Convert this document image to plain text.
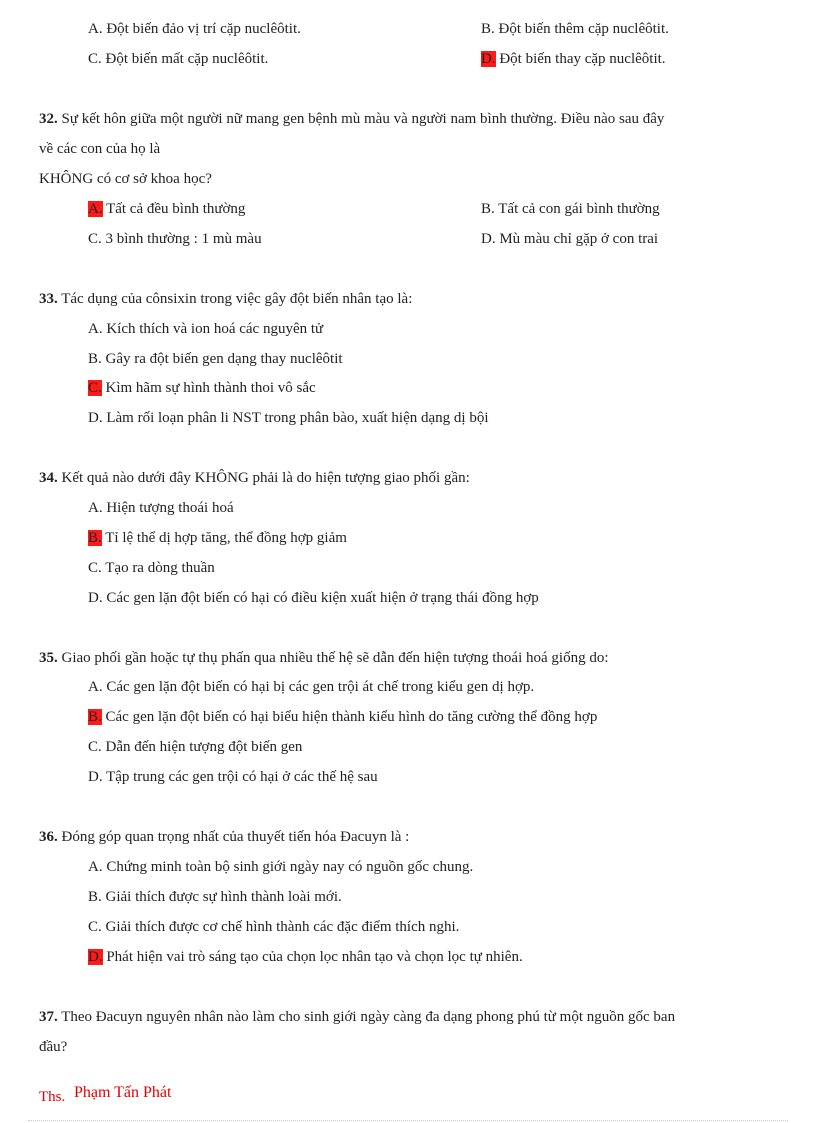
A. Đột biến đảo vị trí cặp nuclêôtit.	B. Đột biến thêm cặp nuclêôtit.
C. Đột biến mất cặp nuclêôtit.	D. Đột biến thay cặp nuclêôtit.
32. Sự kết hôn giữa một người nữ mang gen bệnh mù màu và người nam bình thường. Điều nào sau đây
về các con của họ là
KHÔNG có cơ sở khoa học?
A. Tất cả đều bình thường	B. Tất cả con gái bình thường
C. 3 bình thường : 1 mù màu	D. Mù màu chỉ gặp ở con trai
33. Tác dụng của cônsixin trong việc gây đột biến nhân tạo là:
A. Kích thích và ion hoá các nguyên tử
B. Gây ra đột biến gen dạng thay nuclêôtit
C. Kìm hãm sự hình thành thoi vô sắc
D. Làm rối loạn phân li NST trong phân bào, xuất hiện dạng dị bội
34. Kết quả nào dưới đây KHÔNG phải là do hiện tượng giao phối gần:
A. Hiện tượng thoái hoá
B. Tỉ lệ thể dị hợp tăng, thể đồng hợp giảm
C. Tạo ra dòng thuần
D. Các gen lặn đột biến có hại có điều kiện xuất hiện ở trạng thái đồng hợp
35. Giao phối gần hoặc tự thụ phấn qua nhiều thế hệ sẽ dẫn đến hiện tượng thoái hoá giống do:
A. Các gen lặn đột biến có hại bị các gen trội át chế trong kiểu gen dị hợp.
B. Các gen lặn đột biến có hại biểu hiện thành kiểu hình do tăng cường thể đồng hợp
C. Dẫn đến hiện tượng đột biến gen
D. Tập trung các gen trội có hại ở các thế hệ sau
36. Đóng góp quan trọng nhất của thuyết tiến hóa Đacuyn là :
A. Chứng minh toàn bộ sinh giới ngày nay có nguồn gốc chung.
B. Giải thích được sự hình thành loài mới.
C. Giải thích được cơ chế hình thành các đặc điểm thích nghi.
D. Phát hiện vai trò sáng tạo của chọn lọc nhân tạo và chọn lọc tự nhiên.
37. Theo Đacuyn nguyên nhân nào làm cho sinh giới ngày càng đa dạng phong phú từ một nguồn gốc ban
đầu?
Ths. Phạm Tấn Phát
